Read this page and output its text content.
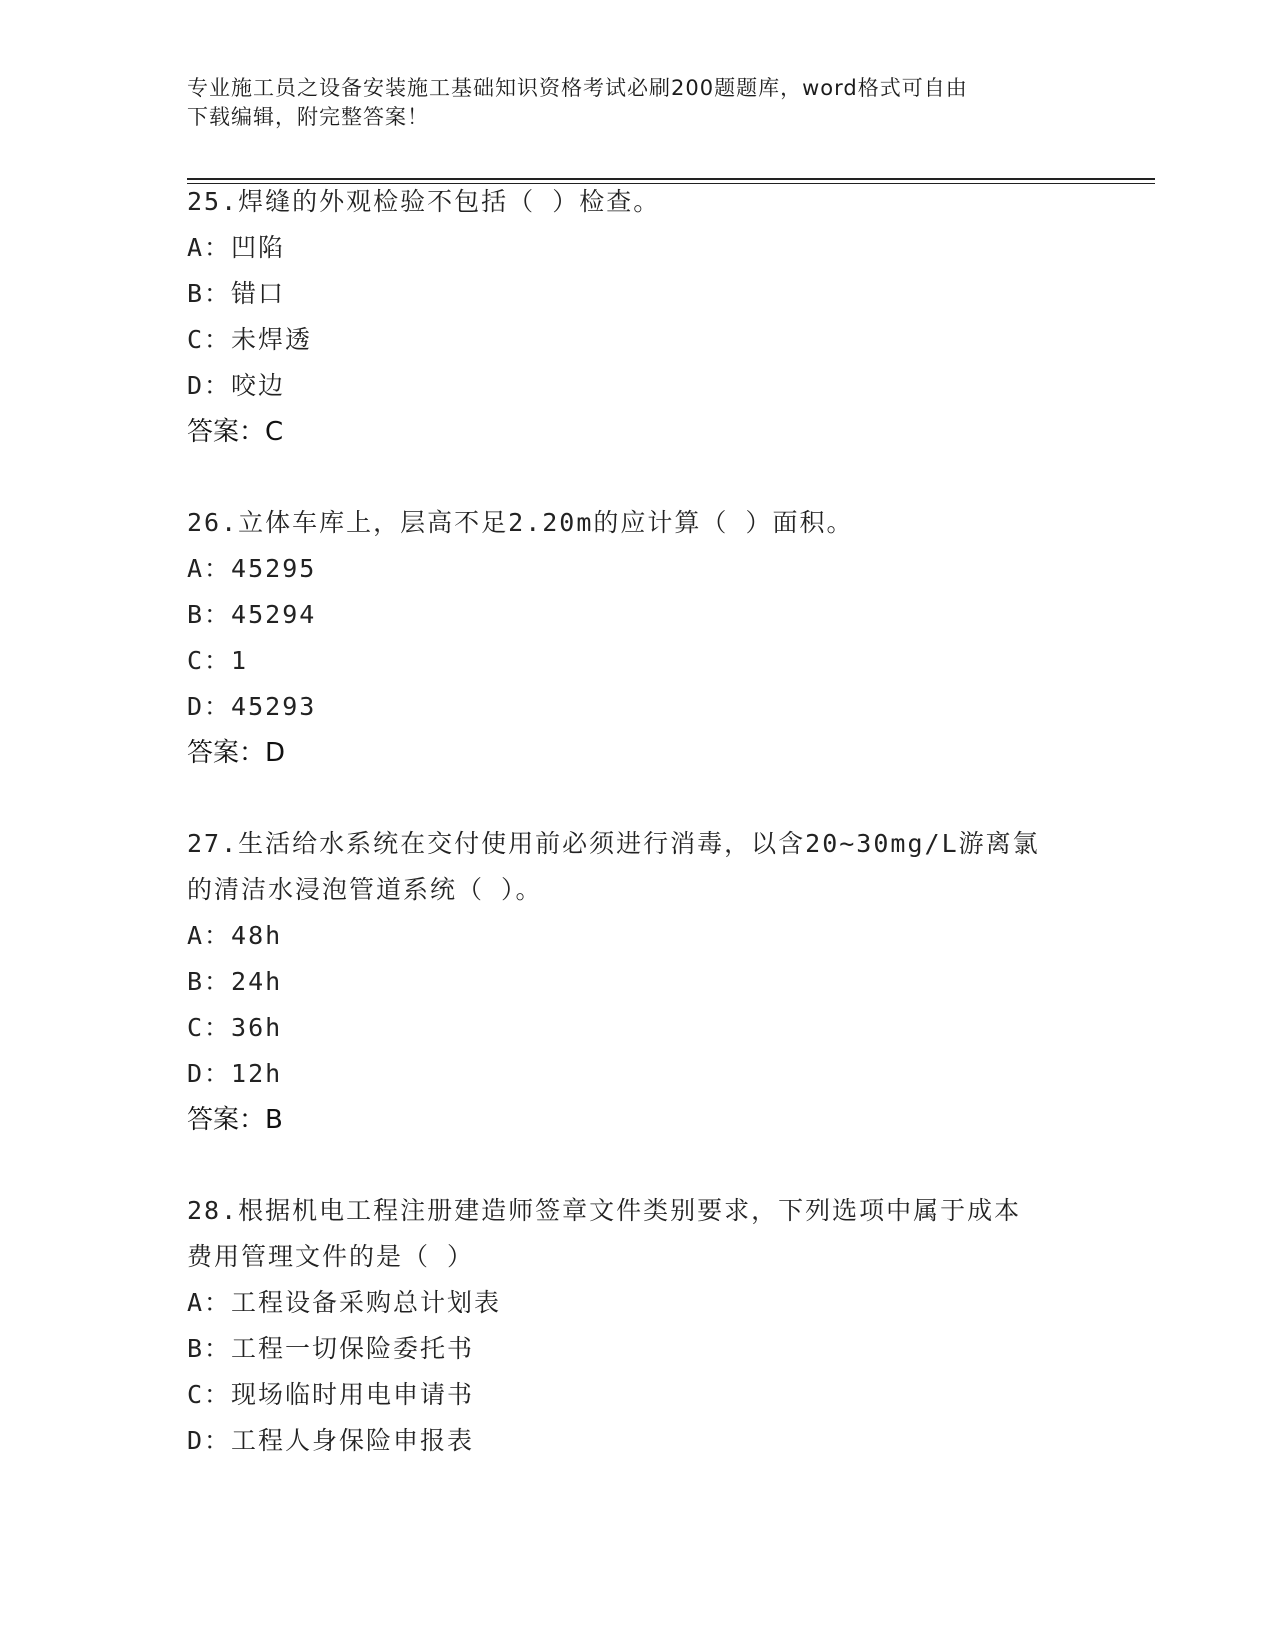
专业施工员之设备安装施工基础知识资格考试必刷200题题库，word格式可自由
下载编辑，附完整答案！
25.焊缝的外观检验不包括（ ）检查。
A：凹陷
B：错口
C：未焊透
D：咬边
答案：C
26.立体车库上，层高不足2.20m的应计算（ ）面积。
A：45295
B：45294
C：1
D：45293
答案：D
27.生活给水系统在交付使用前必须进行消毒，以含20~30mg/L游离氯
的清洁水浸泡管道系统（ ）。
A：48h
B：24h
C：36h
D：12h
答案：B
28.根据机电工程注册建造师签章文件类别要求，下列选项中属于成本
费用管理文件的是（ ）
A：工程设备采购总计划表
B：工程一切保险委托书
C：现场临时用电申请书
D：工程人身保险申报表
